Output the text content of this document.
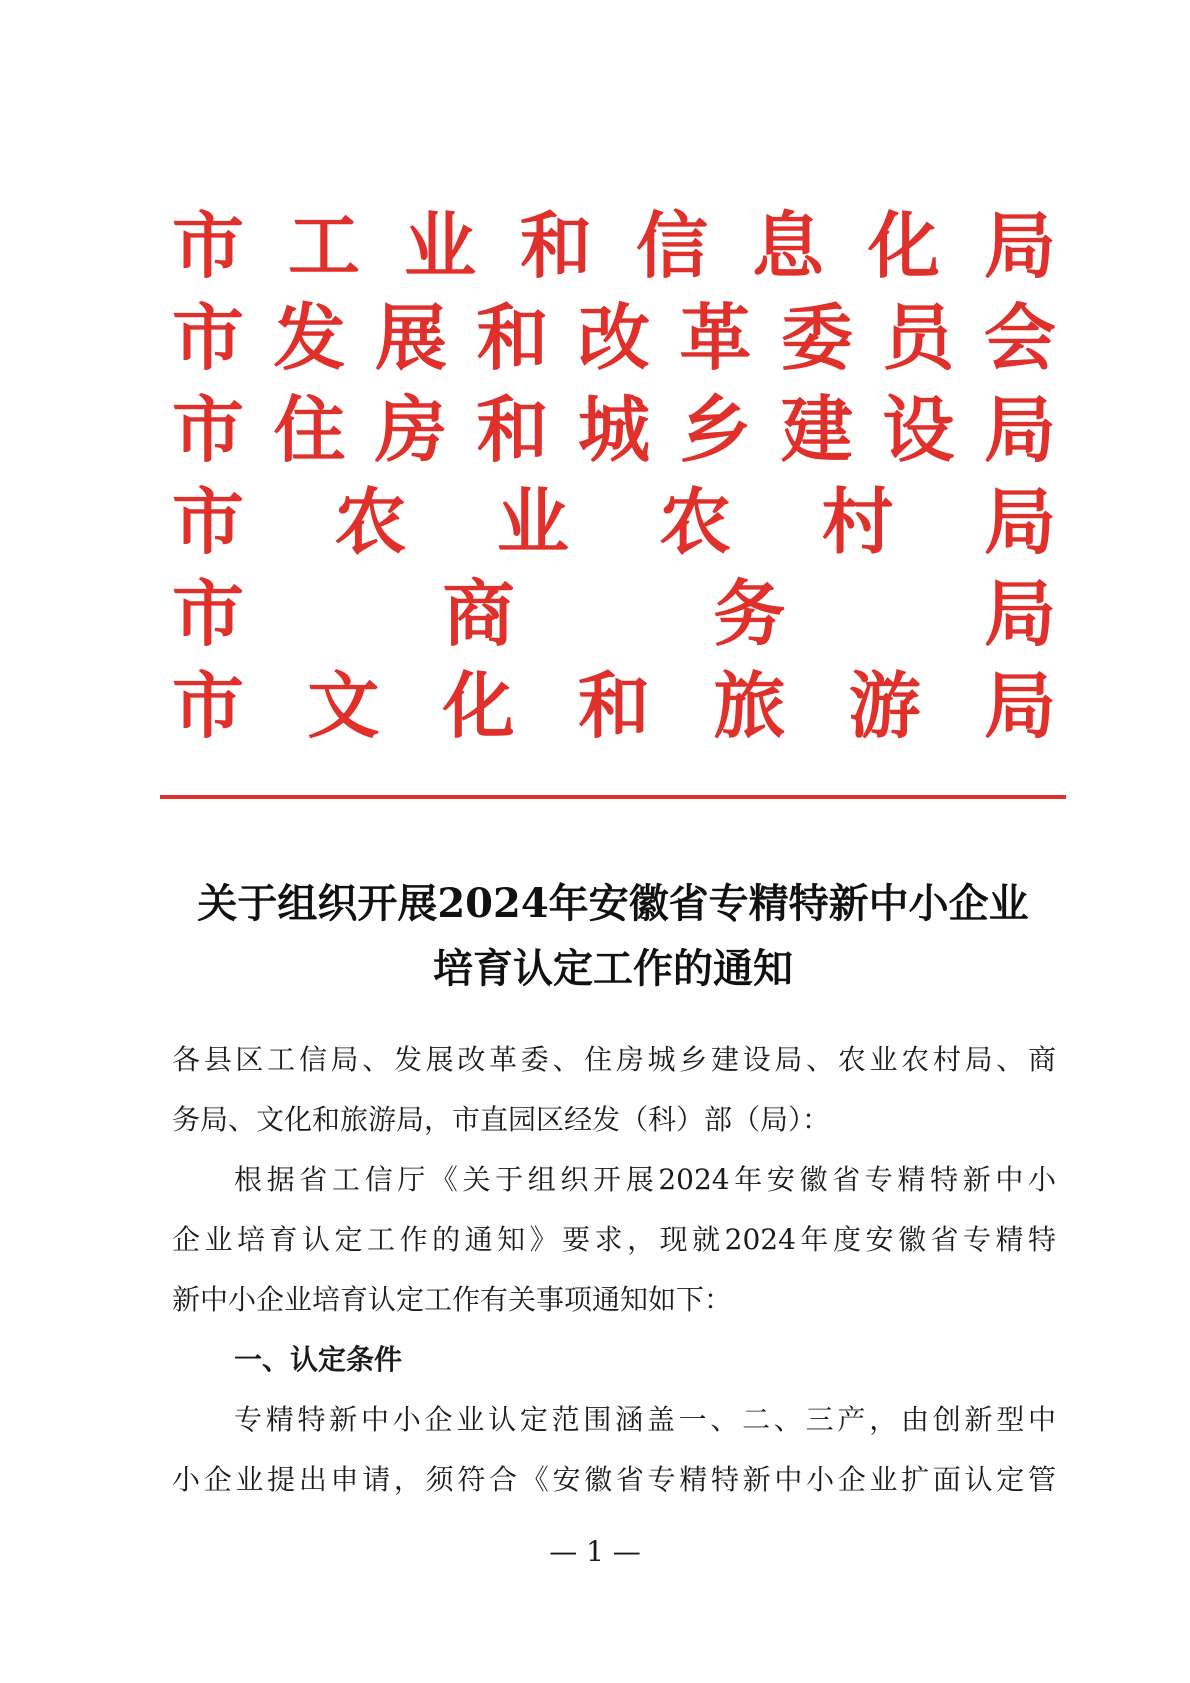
市 工 业 和 信 息 化 局
市 发 展 和 改 革 委 员 会
市 住 房 和 城 乡 建 设 局
市 农 业 农 村 局
市	商	务	局
市 文 化 和 旅 游 局
关于组织开展2024年安徽省专精特新中小企业
培育认定工作的通知
各县区工信局、发展改革委、住房城乡建设局、农业农村局、商
务局、文化和旅游局，市直园区经发（科）部（局）：
根据省工信厅《关于组织开展2024年安徽省专精特新中小
企业培育认定工作的通知》要求，现就2024年度安徽省专精特
新中小企业培育认定工作有关事项通知如下：
一、认定条件
专精特新中小企业认定范围涵盖一、二、三产，由创新型中
小企业提出申请，须符合《安徽省专精特新中小企业扩面认定管
— 1 —
